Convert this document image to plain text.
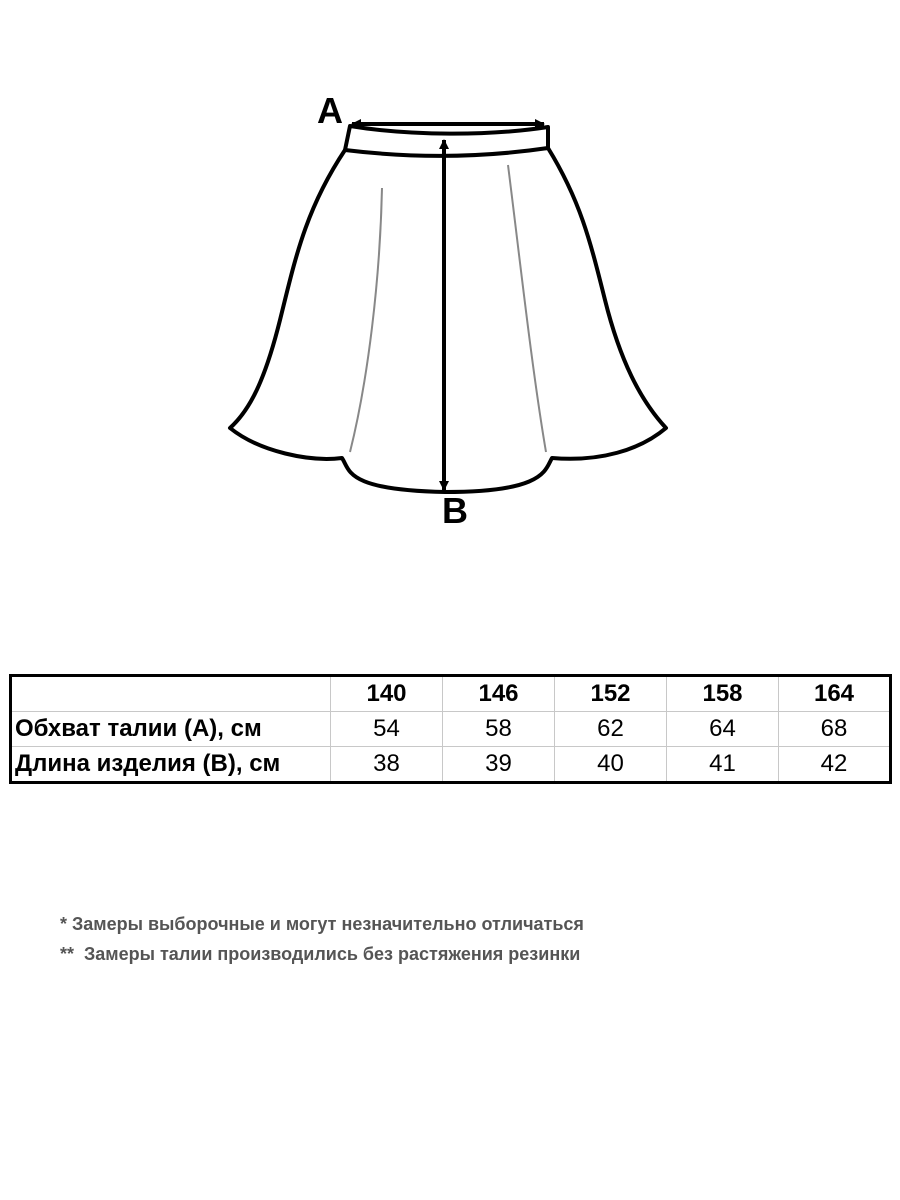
A
B
	140	146	152	158	164
Обхват талии (А), см	54	58	62	64	68
Длина изделия (В), см	38	39	40	41	42
* Замеры выборочные и могут незначительно отличаться
**  Замеры талии производились без растяжения резинки
